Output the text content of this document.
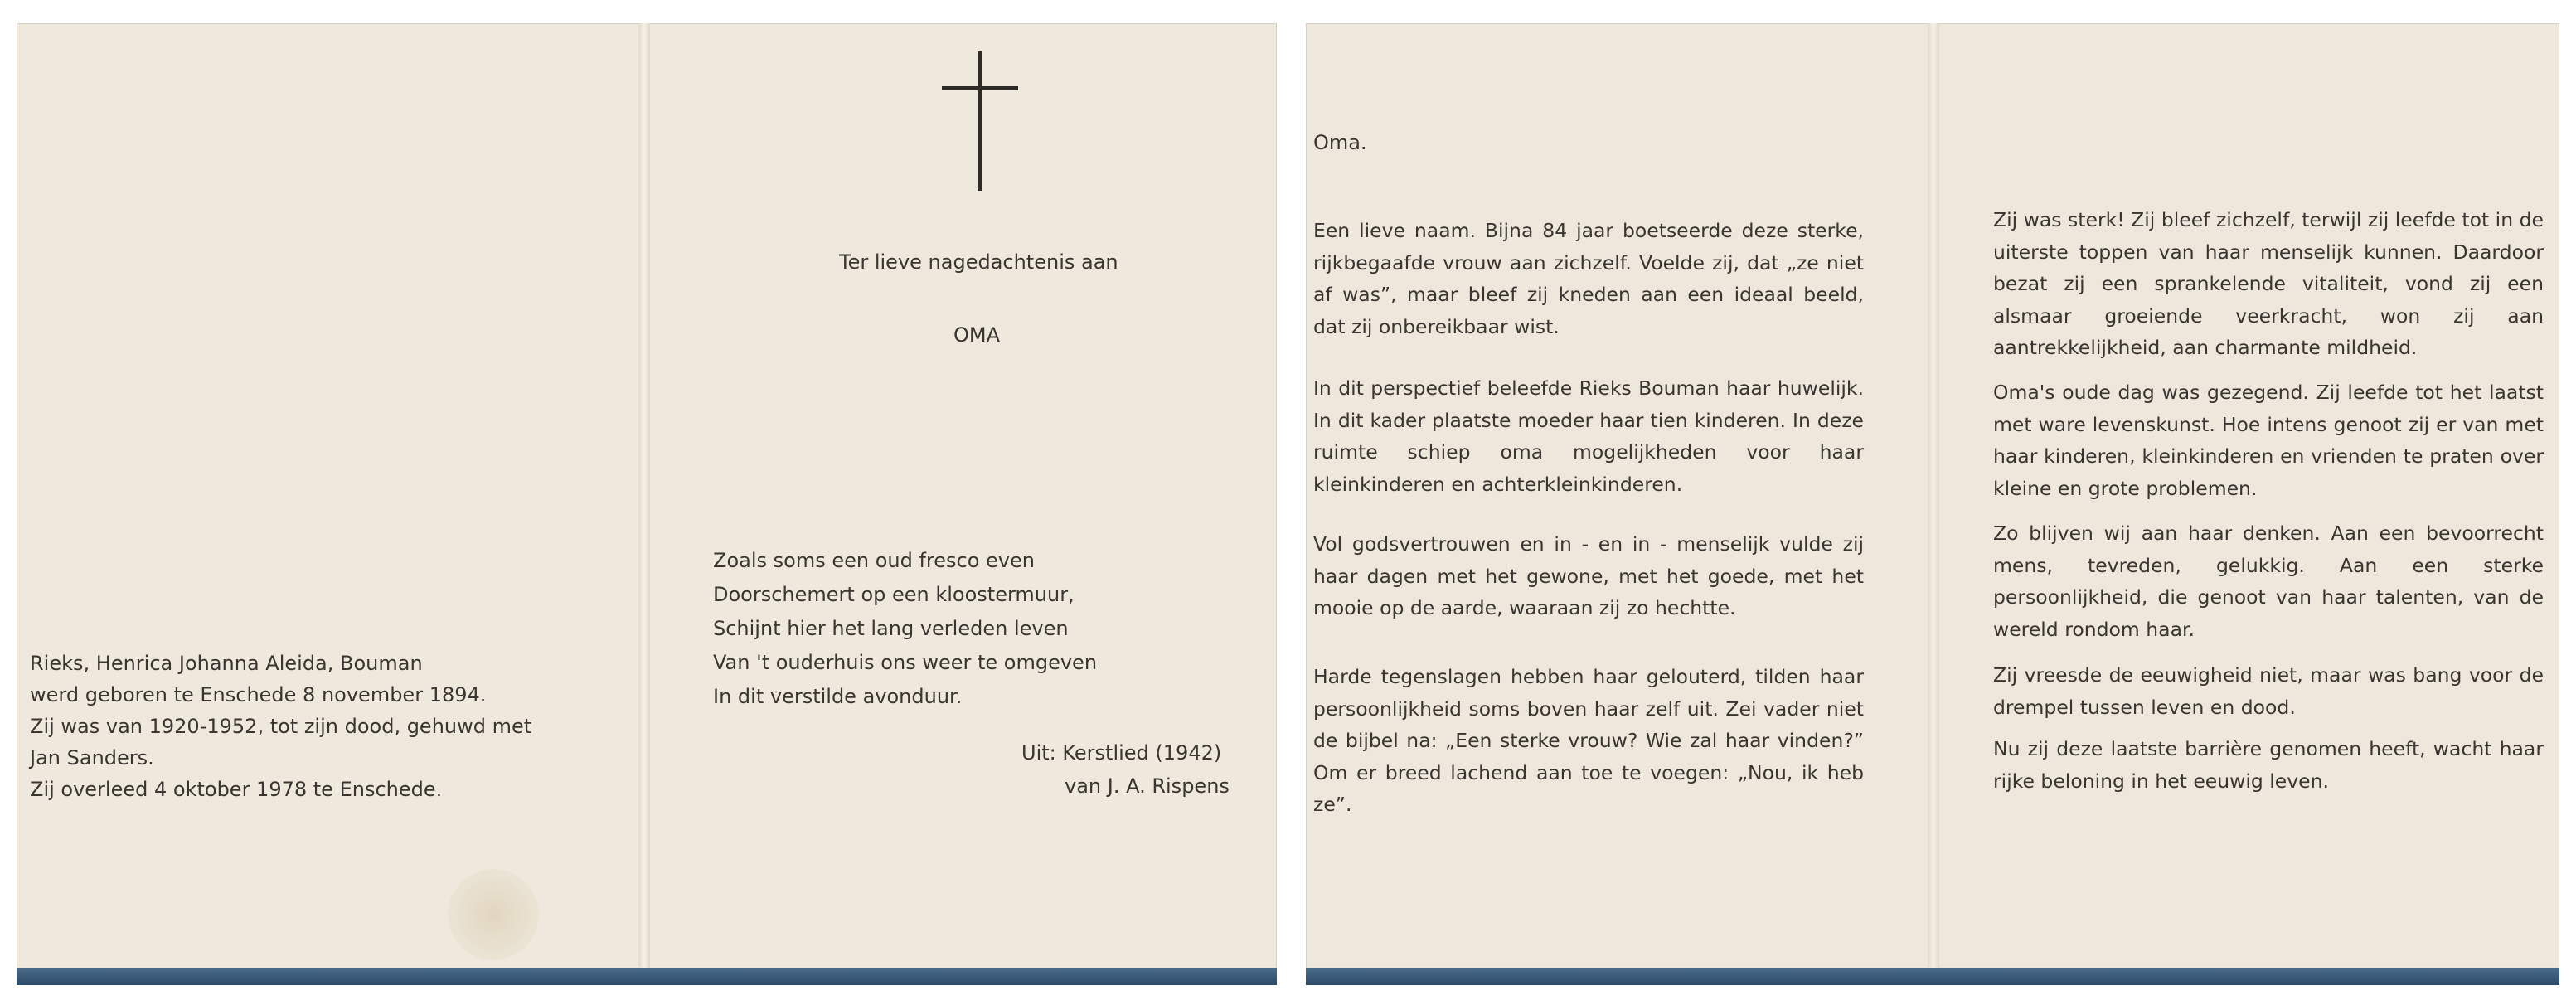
Ter lieve nagedachtenis aan
OMA
Rieks, Henrica Johanna Aleida, Bouman
werd geboren te Enschede 8 november 1894.
Zij was van 1920-1952, tot zijn dood, gehuwd met
Jan Sanders.
Zij overleed 4 oktober 1978 te Enschede.
Zoals soms een oud fresco even
Doorschemert op een kloostermuur,
Schijnt hier het lang verleden leven
Van 't ouderhuis ons weer te omgeven
In dit verstilde avonduur.
Uit: Kerstlied (1942)
van J. A. Rispens
Oma.
Een lieve naam. Bijna 84 jaar boetseerde deze sterke, rijkbegaafde vrouw aan zichzelf. Voelde zij, dat „ze niet af was”, maar bleef zij kneden aan een ideaal beeld, dat zij onbereikbaar wist.
In dit perspectief beleefde Rieks Bouman haar huwelijk. In dit kader plaatste moeder haar tien kinderen. In deze ruimte schiep oma mogelijkheden voor haar kleinkinderen en achterkleinkinderen.
Vol godsvertrouwen en in - en in - menselijk vulde zij haar dagen met het gewone, met het goede, met het mooie op de aarde, waaraan zij zo hechtte.
Harde tegenslagen hebben haar gelouterd, tilden haar persoonlijkheid soms boven haar zelf uit. Zei vader niet de bijbel na: „Een sterke vrouw? Wie zal haar vinden?” Om er breed lachend aan toe te voegen: „Nou, ik heb ze”.
Zij was sterk! Zij bleef zichzelf, terwijl zij leefde tot in de uiterste toppen van haar menselijk kunnen. Daardoor bezat zij een sprankelende vitaliteit, vond zij een alsmaar groeiende veerkracht, won zij aan aantrekkelijkheid, aan charmante mildheid.
Oma's oude dag was gezegend. Zij leefde tot het laatst met ware levenskunst. Hoe intens genoot zij er van met haar kinderen, kleinkinderen en vrienden te praten over kleine en grote problemen.
Zo blijven wij aan haar denken. Aan een bevoorrecht mens, tevreden, gelukkig. Aan een sterke persoonlijkheid, die genoot van haar talenten, van de wereld rondom haar.
Zij vreesde de eeuwigheid niet, maar was bang voor de drempel tussen leven en dood.
Nu zij deze laatste barrière genomen heeft, wacht haar rijke beloning in het eeuwig leven.
